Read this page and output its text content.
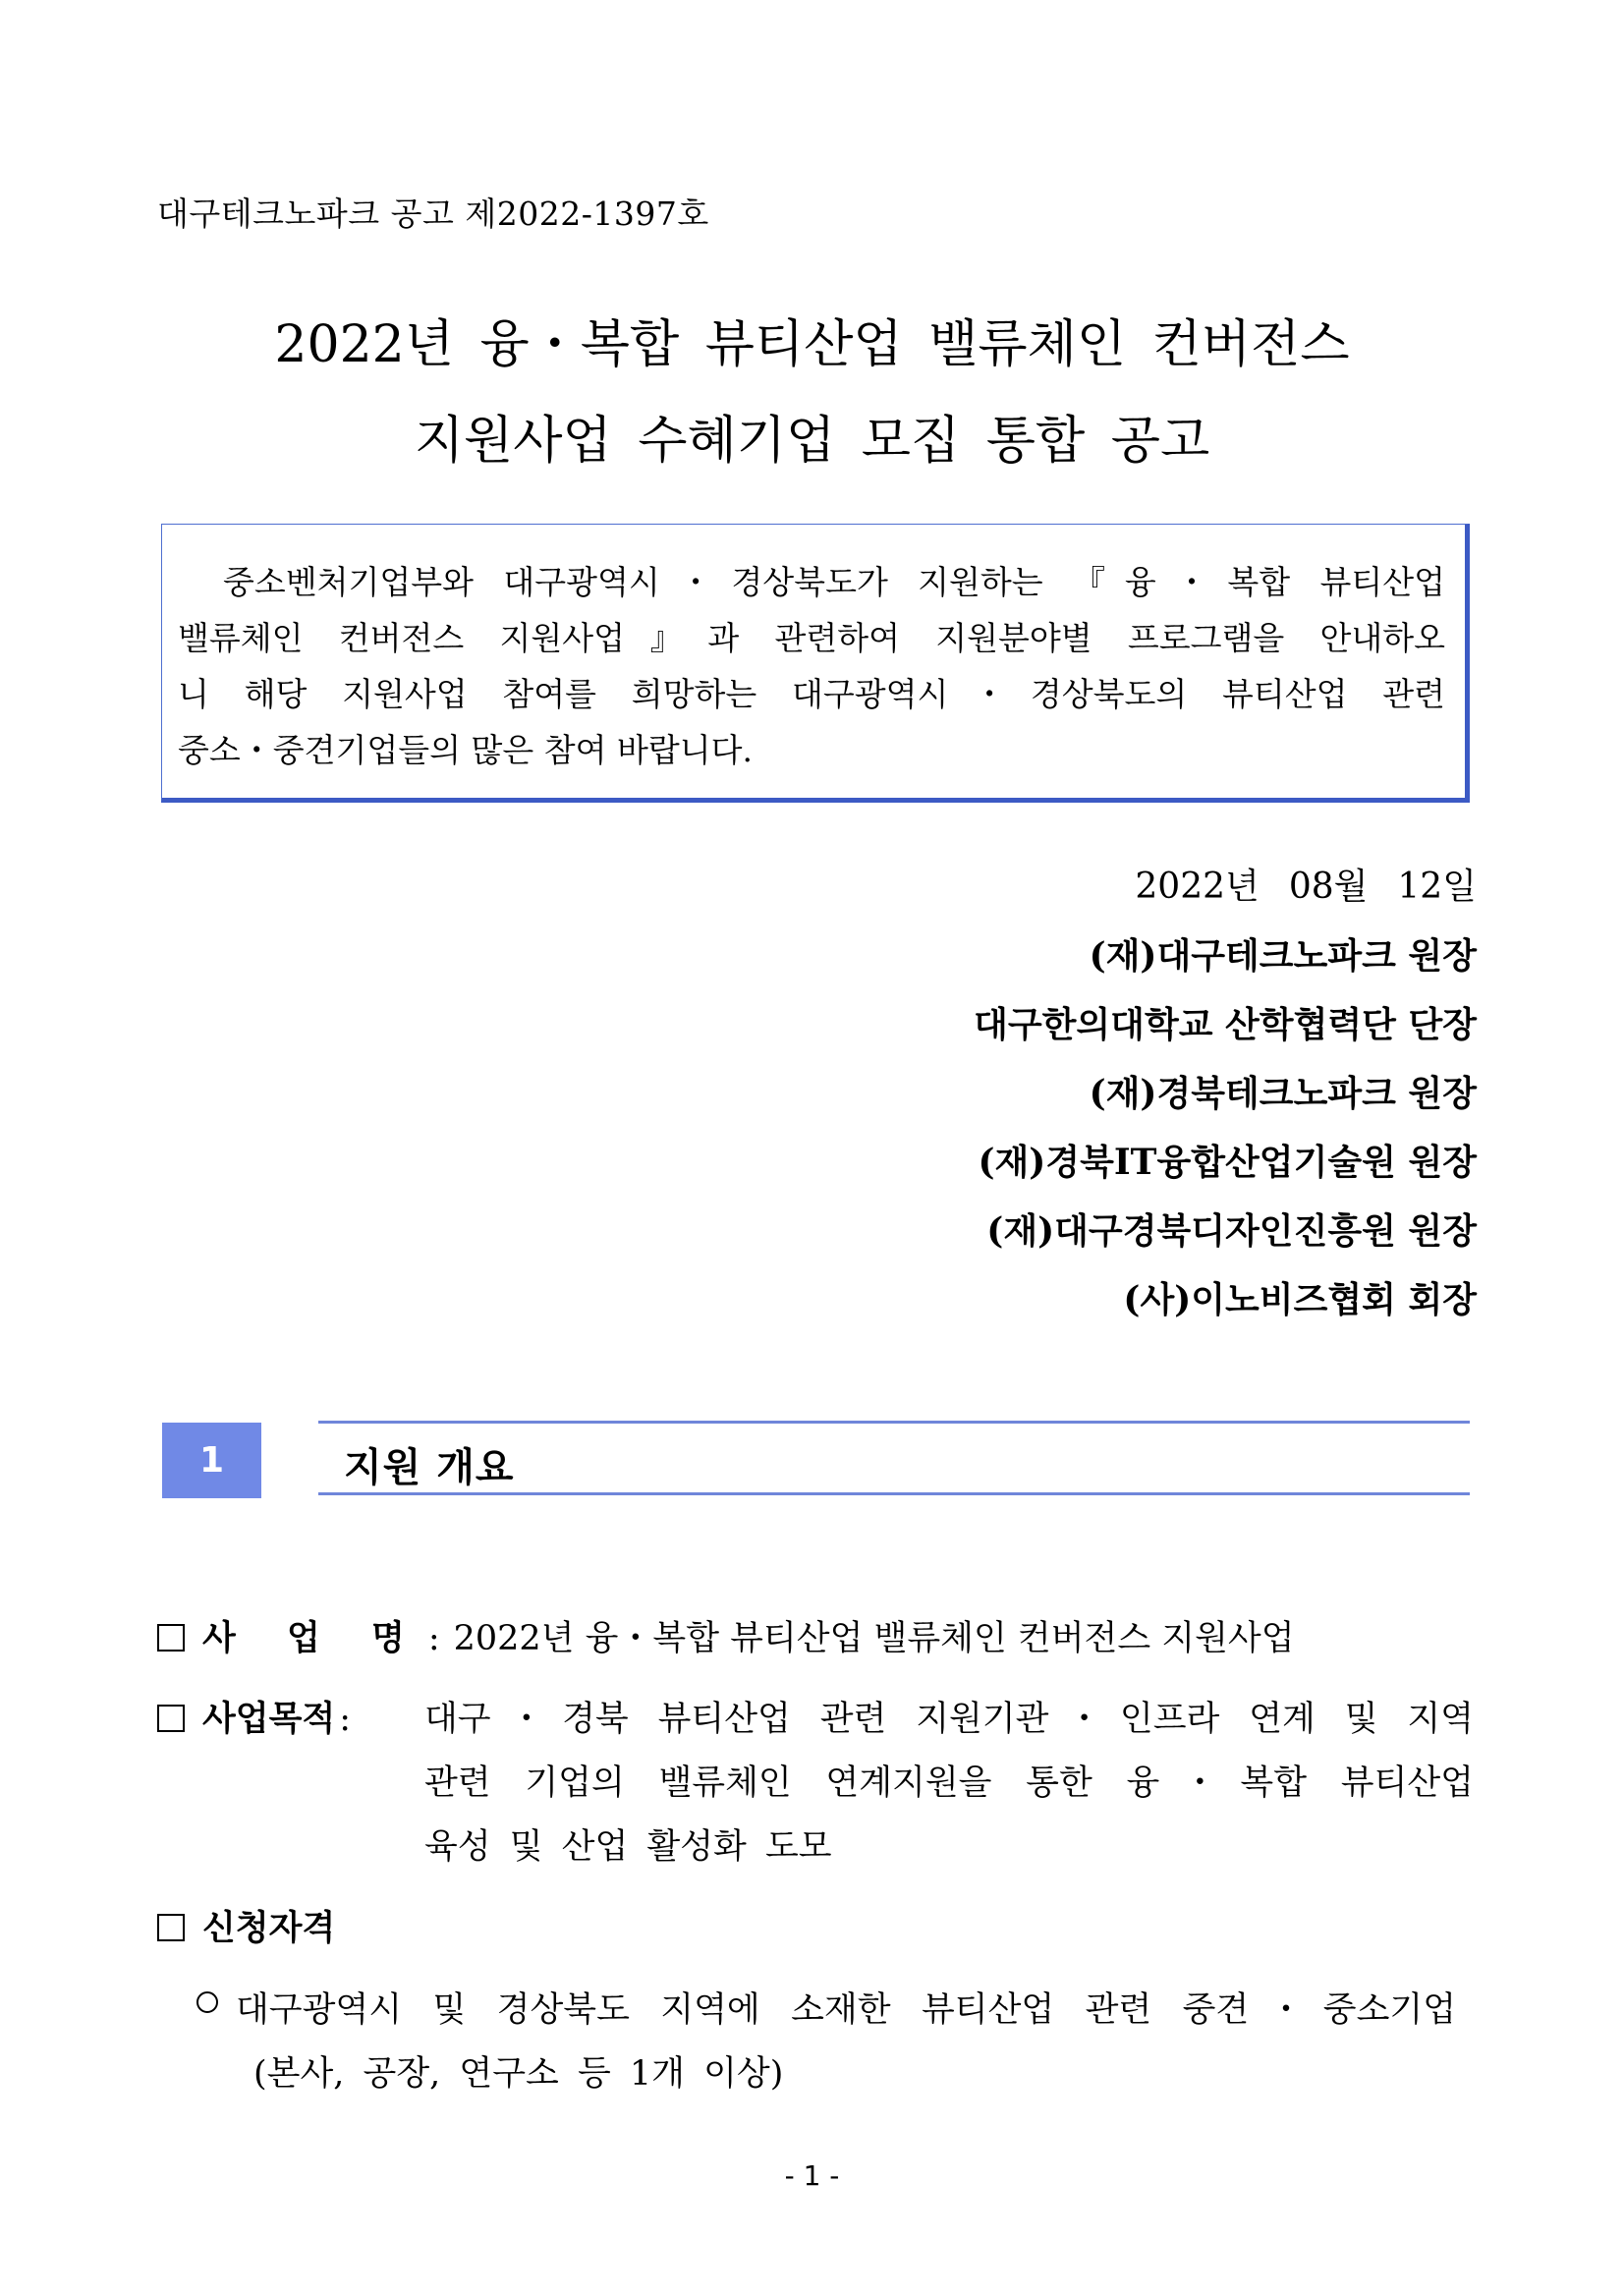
대구테크노파크 공고 제2022-1397호
2022년 융・복합 뷰티산업 밸류체인 컨버전스
지원사업 수혜기업 모집 통합 공고
중소벤처기업부와 대구광역시・경상북도가 지원하는 『융・복합 뷰티산업
밸류체인 컨버전스 지원사업』과 관련하여 지원분야별 프로그램을 안내하오
니 해당 지원사업 참여를 희망하는 대구광역시・경상북도의 뷰티산업 관련
중소・중견기업들의 많은 참여 바랍니다.
2022년 08월 12일
(재)대구테크노파크 원장
대구한의대학교 산학협력단 단장
(재)경북테크노파크 원장
(재)경북IT융합산업기술원 원장
(재)대구경북디자인진흥원 원장
(사)이노비즈협회 회장
1	지원 개요
사 업 명 : 2022년 융・복합 뷰티산업 밸류체인 컨버전스 지원사업
사업목적 :	대구・경북 뷰티산업 관련 지원기관・인프라 연계 및 지역
관련 기업의 밸류체인 연계지원을 통한 융・복합 뷰티산업
육성 및 산업 활성화 도모
신청자격
대구광역시 및 경상북도 지역에 소재한 뷰티산업 관련 중견・중소기업
(본사, 공장, 연구소 등 1개 이상)
- 1 -
